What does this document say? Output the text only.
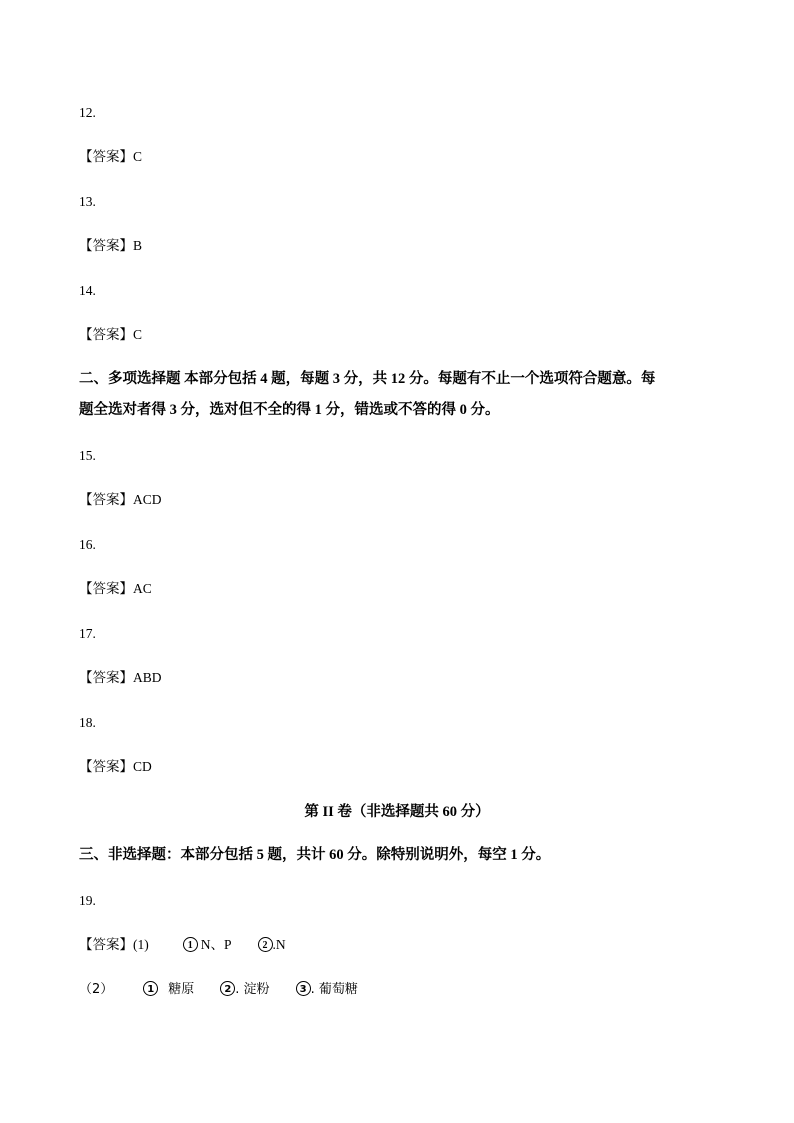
12.
【答案】C
13.
【答案】B
14.
【答案】C
二、多项选择题 本部分包括 4 题，每题 3 分，共 12 分。每题有不止一个选项符合题意。每
题全选对者得 3 分，选对但不全的得 1 分，错选或不答的得 0 分。
15.
【答案】ACD
16.
【答案】AC
17.
【答案】ABD
18.
【答案】CD
第 II 卷（非选择题共 60 分）
三、非选择题：本部分包括 5 题，共计 60 分。除特别说明外，每空 1 分。
19.
【答案】(1)	1 N、P	2 .N
（2）	1 糖原	2 . 淀粉	3 . 葡萄糖
